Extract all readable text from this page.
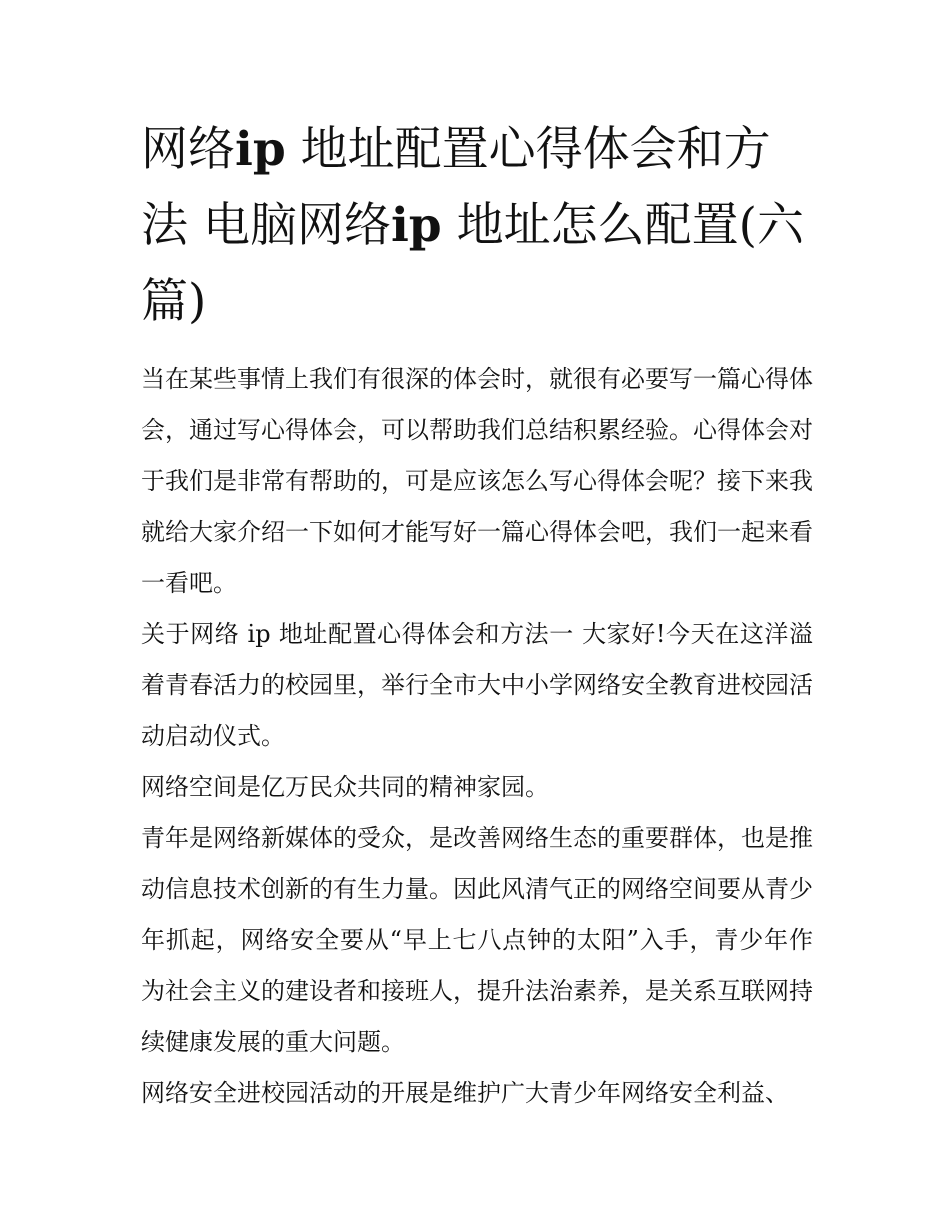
网络ip 地址配置心得体会和方法 电脑网络ip 地址怎么配置(六篇)

当在某些事情上我们有很深的体会时，就很有必要写一篇心得体会，通过写心得体会，可以帮助我们总结积累经验。心得体会对于我们是非常有帮助的，可是应该怎么写心得体会呢？接下来我就给大家介绍一下如何才能写好一篇心得体会吧，我们一起来看一看吧。

关于网络 ip 地址配置心得体会和方法一 大家好!今天在这洋溢着青春活力的校园里，举行全市大中小学网络安全教育进校园活动启动仪式。

网络空间是亿万民众共同的精神家园。

青年是网络新媒体的受众，是改善网络生态的重要群体，也是推动信息技术创新的有生力量。因此风清气正的网络空间要从青少年抓起，网络安全要从“早上七八点钟的太阳”入手，青少年作为社会主义的建设者和接班人，提升法治素养，是关系互联网持续健康发展的重大问题。

网络安全进校园活动的开展是维护广大青少年网络安全利益、
